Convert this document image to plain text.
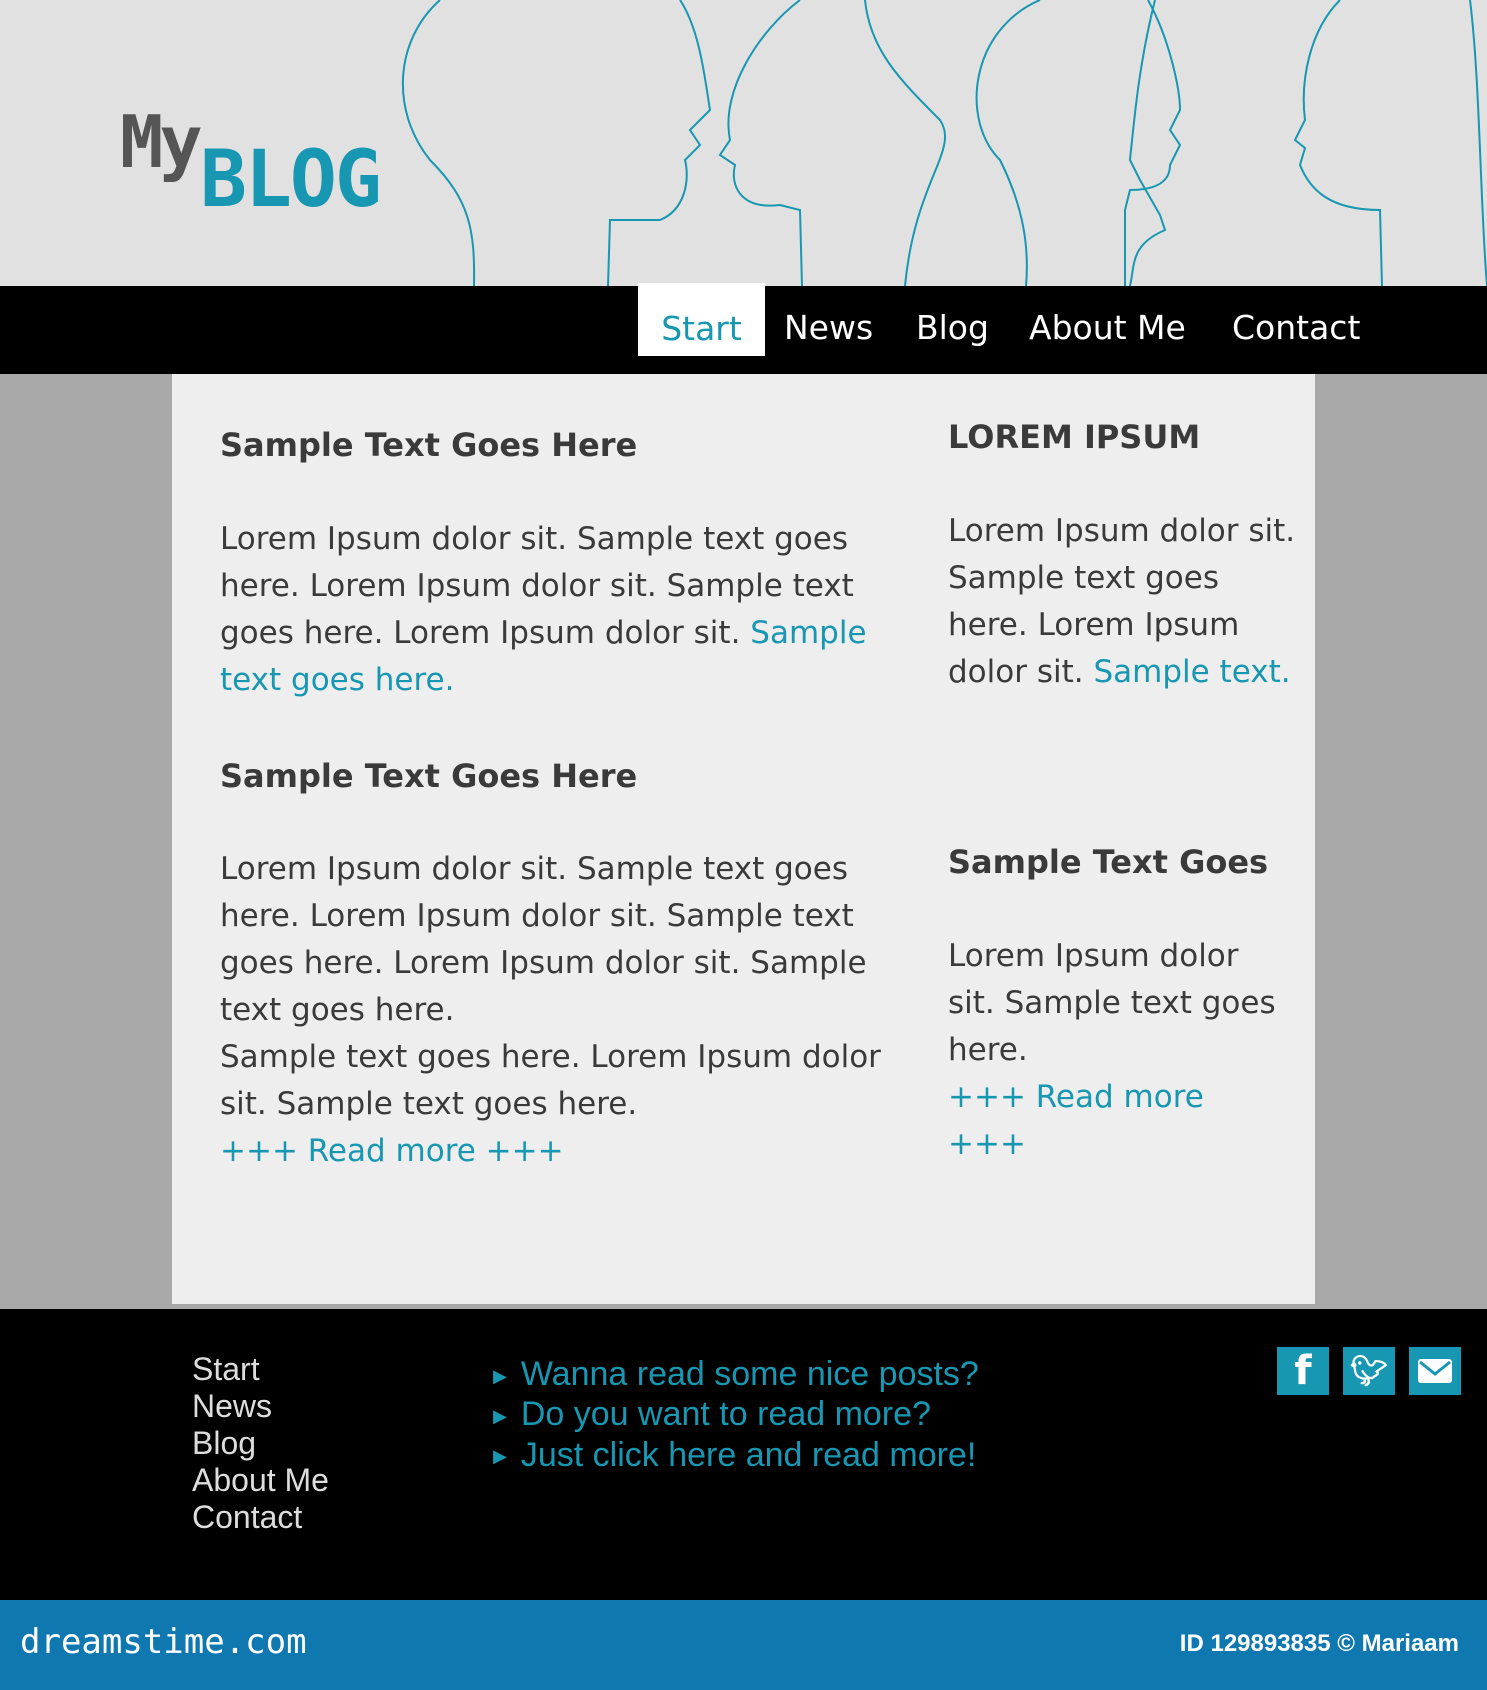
My BLOG
Start	News Blog About Me Contact
Sample Text Goes Here
Lorem Ipsum dolor sit. Sample text goes here. Lorem Ipsum dolor sit. Sample text goes here. Lorem Ipsum dolor sit. Sample text goes here.
Sample Text Goes Here
Lorem Ipsum dolor sit. Sample text goes here. Lorem Ipsum dolor sit. Sample text goes here. Lorem Ipsum dolor sit. Sample text goes here.
Sample text goes here. Lorem Ipsum dolor sit. Sample text goes here.
+++ Read more +++
LOREM IPSUM
Lorem Ipsum dolor sit. Sample text goes here. Lorem Ipsum dolor sit. Sample text.
Sample Text Goes
Lorem Ipsum dolor sit. Sample text goes here.
+++ Read more +++
Start
News
Blog
About Me
Contact
▶ Wanna read some nice posts?
▶ Do you want to read more?
▶ Just click here and read more!
f	🐦︎
dreamstime.com	ID 129893835 © Mariaam
